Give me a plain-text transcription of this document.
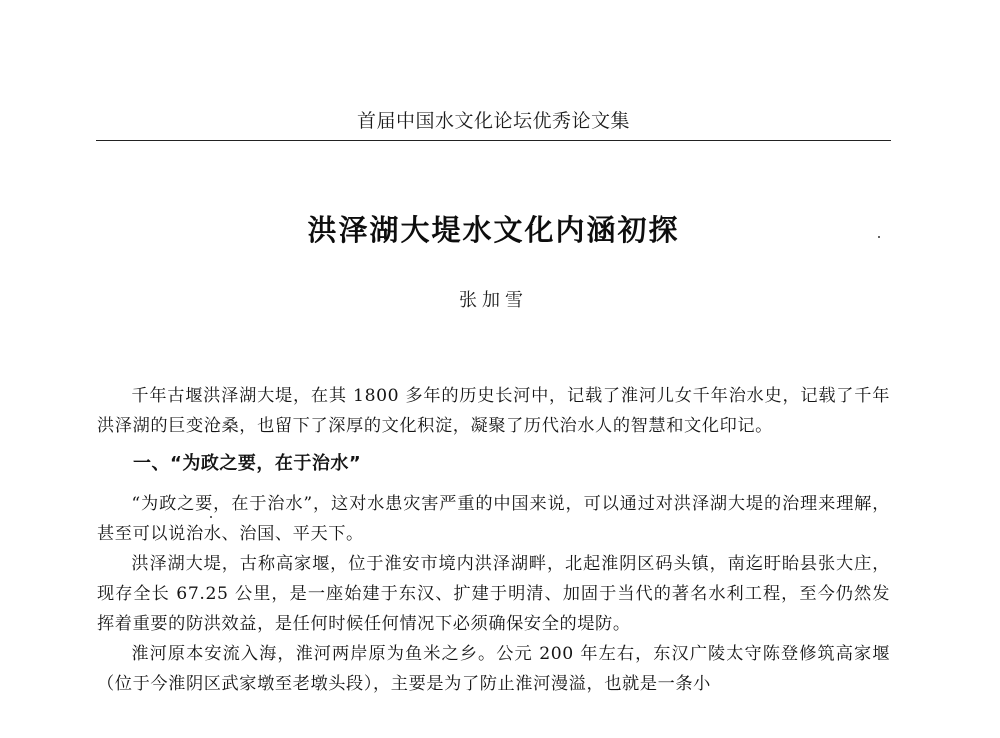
首届中国水文化论坛优秀论文集
洪泽湖大堤水文化内涵初探
张加雪

千年古堰洪泽湖大堤，在其 1800 多年的历史长河中，记载了淮河儿女千年治水史，记载了千年洪泽湖的巨变沧桑，也留下了深厚的文化积淀，凝聚了历代治水人的智慧和文化印记。

一、“为政之要，在于治水”

“为政之要，在于治水”，这对水患灾害严重的中国来说，可以通过对洪泽湖大堤的治理来理解，甚至可以说治水、治国、平天下。

洪泽湖大堤，古称高家堰，位于淮安市境内洪泽湖畔，北起淮阴区码头镇，南迄盱眙县张大庄，现存全长 67.25 公里，是一座始建于东汉、扩建于明清、加固于当代的著名水利工程，至今仍然发挥着重要的防洪效益，是任何时候任何情况下必须确保安全的堤防。

淮河原本安流入海，淮河两岸原为鱼米之乡。公元 200 年左右，东汉广陵太守陈登修筑高家堰（位于今淮阴区武家墩至老墩头段），主要是为了防止淮河漫溢，也就是一条小
